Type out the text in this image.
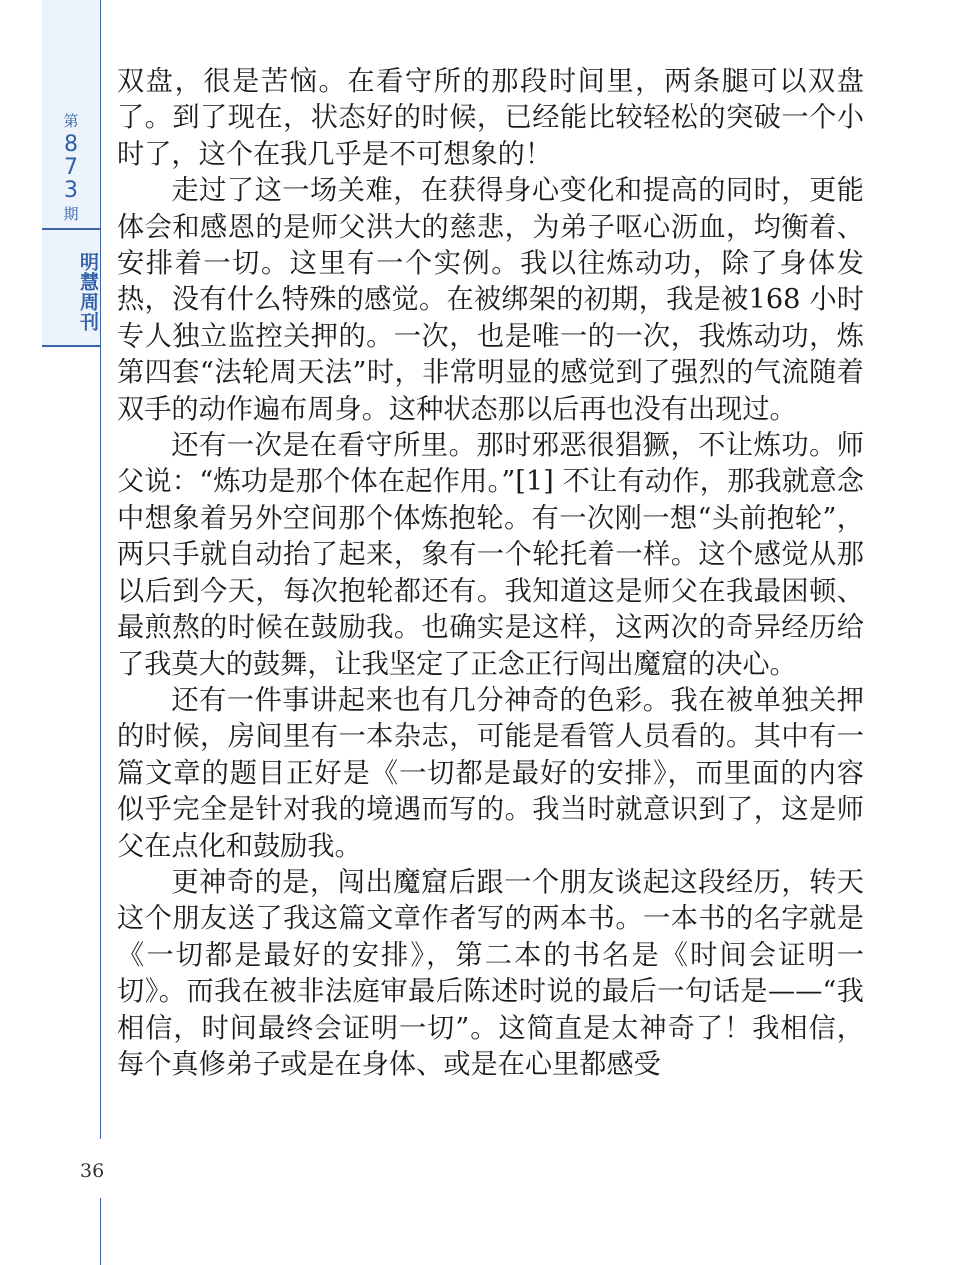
第
8
7
3
期
明慧周刊

双盘，很是苦恼。在看守所的那段时间里，两条腿可以双盘了。到了现在，状态好的时候，已经能比较轻松的突破一个小时了，这个在我几乎是不可想象的！

走过了这一场关难，在获得身心变化和提高的同时，更能体会和感恩的是师父洪大的慈悲，为弟子呕心沥血，均衡着、安排着一切。这里有一个实例。我以往炼动功，除了身体发热，没有什么特殊的感觉。在被绑架的初期，我是被168 小时专人独立监控关押的。一次，也是唯一的一次，我炼动功，炼第四套“法轮周天法”时，非常明显的感觉到了强烈的气流随着双手的动作遍布周身。这种状态那以后再也没有出现过。

还有一次是在看守所里。那时邪恶很猖獗，不让炼功。师父说：“炼功是那个体在起作用。”[1] 不让有动作，那我就意念中想象着另外空间那个体炼抱轮。有一次刚一想“头前抱轮”，两只手就自动抬了起来，象有一个轮托着一样。这个感觉从那以后到今天，每次抱轮都还有。我知道这是师父在我最困顿、最煎熬的时候在鼓励我。也确实是这样，这两次的奇异经历给了我莫大的鼓舞，让我坚定了正念正行闯出魔窟的决心。

还有一件事讲起来也有几分神奇的色彩。我在被单独关押的时候，房间里有一本杂志，可能是看管人员看的。其中有一篇文章的题目正好是《一切都是最好的安排》，而里面的内容似乎完全是针对我的境遇而写的。我当时就意识到了，这是师父在点化和鼓励我。

更神奇的是，闯出魔窟后跟一个朋友谈起这段经历，转天这个朋友送了我这篇文章作者写的两本书。一本书的名字就是《一切都是最好的安排》，第二本的书名是《时间会证明一切》。而我在被非法庭审最后陈述时说的最后一句话是——“我相信，时间最终会证明一切”。这简直是太神奇了！我相信，每个真修弟子或是在身体、或是在心里都感受

36
